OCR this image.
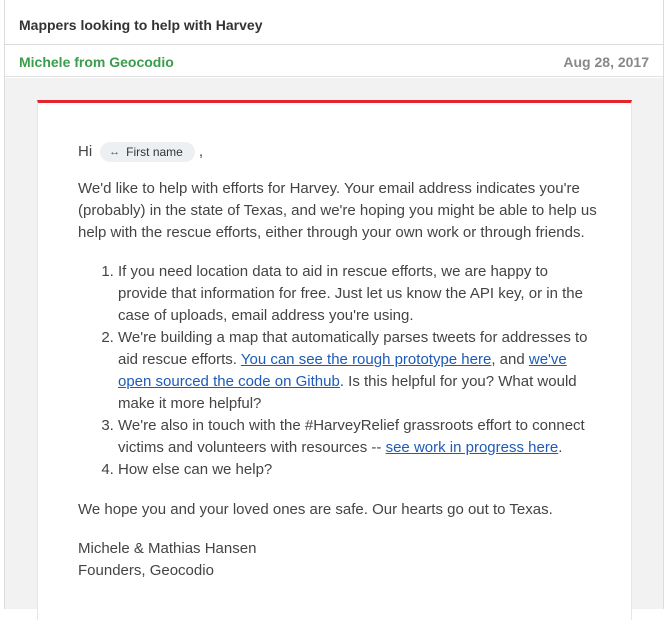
Mappers looking to help with Harvey
Michele from Geocodio	Aug 28, 2017
Hi ↔ First name ,

We'd like to help with efforts for Harvey. Your email address indicates you're (probably) in the state of Texas, and we're hoping you might be able to help us help with the rescue efforts, either through your own work or through friends.

1. If you need location data to aid in rescue efforts, we are happy to provide that information for free. Just let us know the API key, or in the case of uploads, email address you're using.
2. We're building a map that automatically parses tweets for addresses to aid rescue efforts. You can see the rough prototype here, and we've open sourced the code on Github. Is this helpful for you? What would make it more helpful?
3. We're also in touch with the #HarveyRelief grassroots effort to connect victims and volunteers with resources -- see work in progress here.
4. How else can we help?

We hope you and your loved ones are safe. Our hearts go out to Texas.

Michele & Mathias Hansen
Founders, Geocodio
